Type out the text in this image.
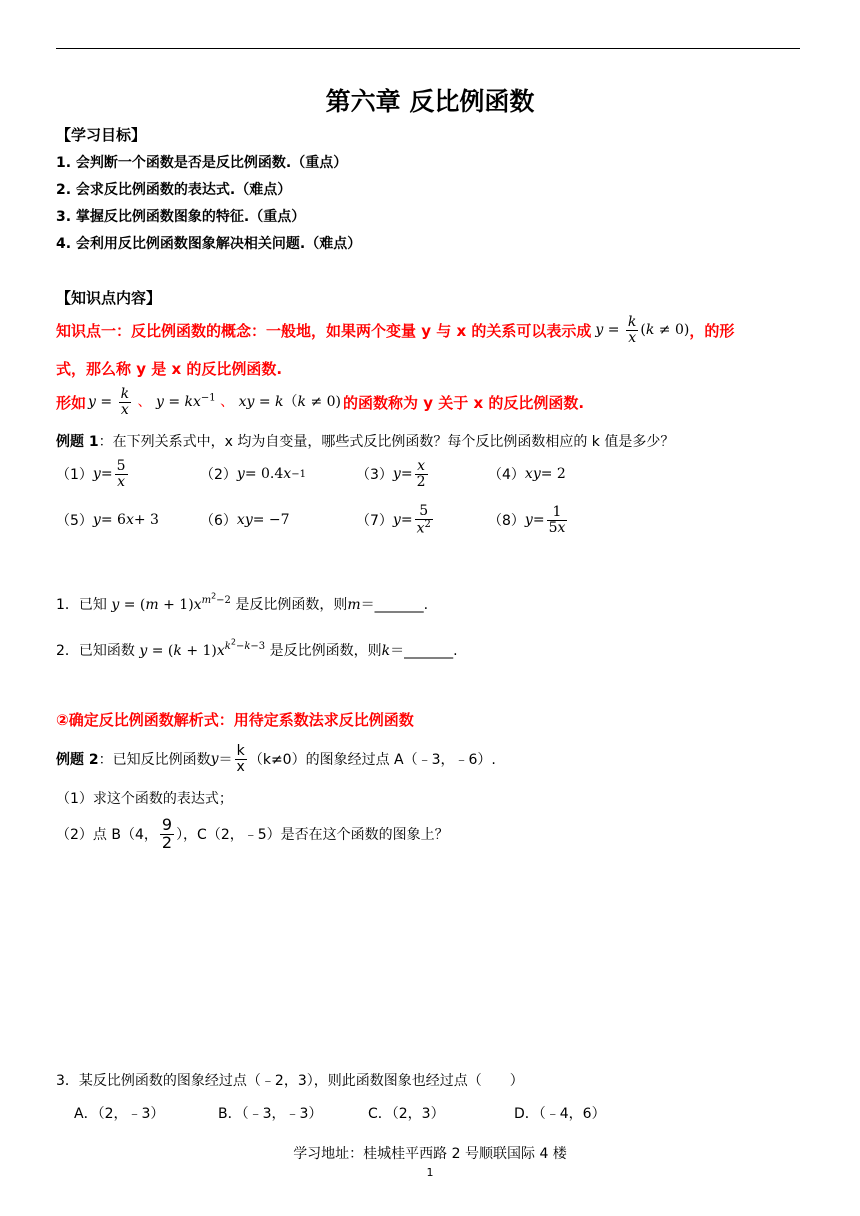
第六章 反比例函数
【学习目标】
1. 会判断一个函数是否是反比例函数.（重点）
2. 会求反比例函数的表达式.（难点）
3. 掌握反比例函数图象的特征.（重点）
4. 会利用反比例函数图象解决相关问题.（难点）
【知识点内容】
知识点一：反比例函数的概念：一般地，如果两个变量 y 与 x 的关系可以表示成 $y = \frac{k}{x} (k \ne 0)$ ，的形
式，那么称 y 是 x 的反比例函数.
形如 $y = \frac{k}{x}$ 、 $y = kx^{-1}$ 、 xy = k（k ≠ 0) 的函数称为 y 关于 x 的反比例函数.
例题 1：在下列关系式中，x 均为自变量，哪些式反比例函数？每个反比例函数相应的 k 值是多少？
（1） $y = \frac{5}{x}$	（2） y = 0.4 x −1	（3） $y = \frac{x}{2}$	（4） xy = 2
（5） y = 6 x + 3	（6） xy = −7	（7） $y = \frac{5}{x^2}$	（8） $y = \frac{1}{5x}$
1．已知 $y = (m + 1)x^{m^2-2}$ 是反比例函数，则m＝_______.
2．已知函数 $y = (k + 1)x^{k^2-k-3}$ 是反比例函数，则k＝_______.
②确定反比例函数解析式：用待定系数法求反比例函数
例题 2 ：已知反比例函数 $y = \frac{k}{x} (k\ne 0)$的图象经过点 A（﹣3，﹣6）.
（1）求这个函数的表达式；
（2）点 B（4， $\frac{9}{2}$ ），C（2，﹣5）是否在这个函数的图象上？
3．某反比例函数的图象经过点（﹣2，3），则此函数图象也经过点（　　）
A．（2，﹣3）	B．（﹣3，﹣3）	C．（2，3）	D．（﹣4，6）
学习地址：桂城桂平西路 2 号顺联国际 4 楼
1
